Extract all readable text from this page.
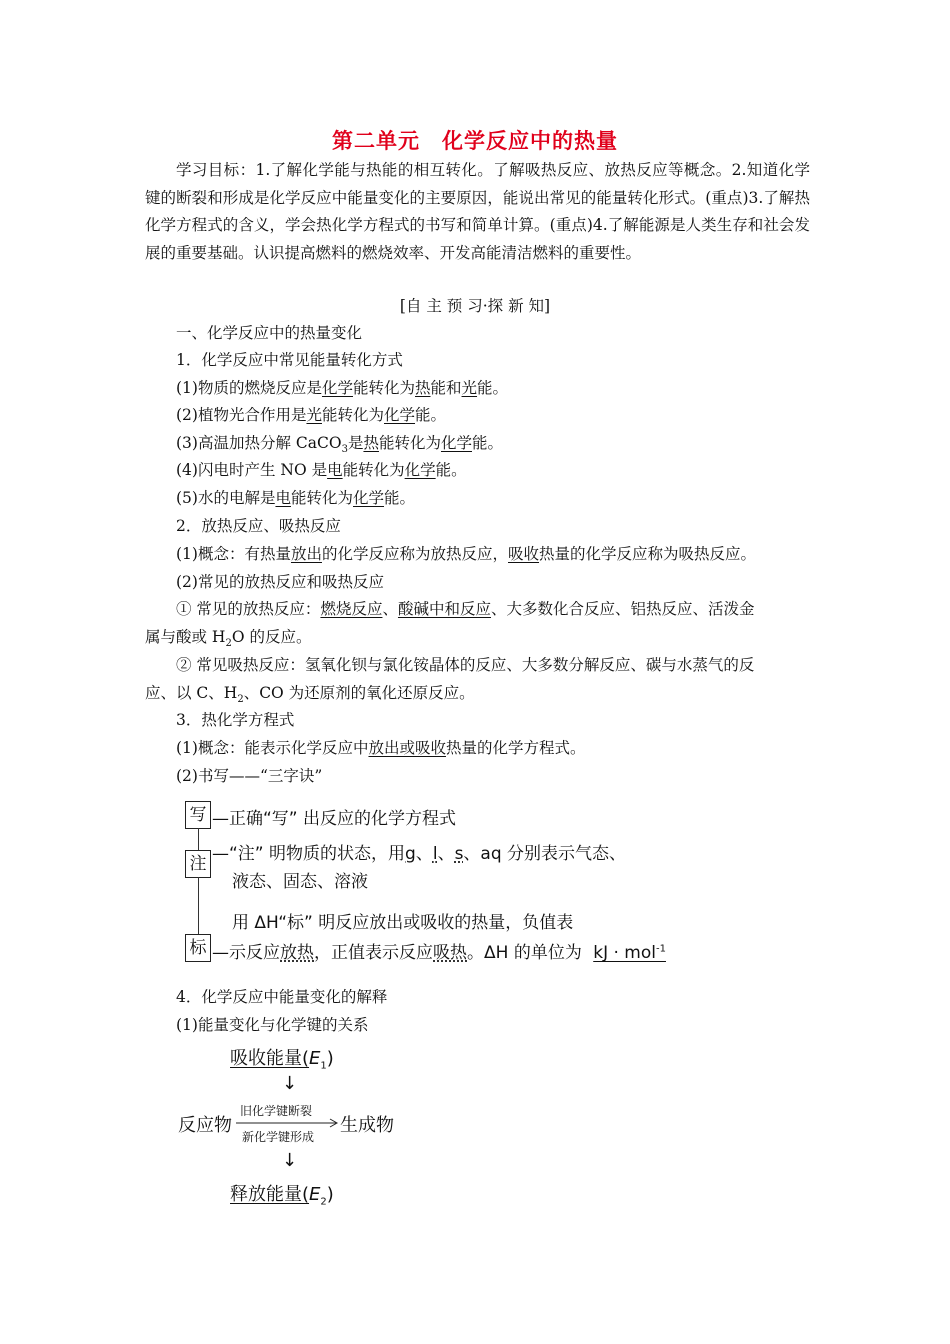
第二单元　化学反应中的热量
学习目标：1.了解化学能与热能的相互转化。了解吸热反应、放热反应等概念。2.知道化学键的断裂和形成是化学反应中能量变化的主要原因，能说出常见的能量转化形式。(重点)3.了解热化学方程式的含义，学会热化学方程式的书写和简单计算。(重点)4.了解能源是人类生存和社会发展的重要基础。认识提高燃料的燃烧效率、开发高能清洁燃料的重要性。
[自 主 预 习·探 新 知]
一、化学反应中的热量变化
1．化学反应中常见能量转化方式
(1)物质的燃烧反应是化学能转化为热能和光能。
(2)植物光合作用是光能转化为化学能。
(3)高温加热分解 CaCO$_3$是热能转化为化学能。
(4)闪电时产生 NO 是电能转化为化学能。
(5)水的电解是电能转化为化学能。
2．放热反应、吸热反应
(1)概念：有热量放出的化学反应称为放热反应，吸收热量的化学反应称为吸热反应。
(2)常见的放热反应和吸热反应
① 常见的放热反应：燃烧反应、酸碱中和反应、大多数化合反应、铝热反应、活泼金
属与酸或 $H_2O$ 的反应。
② 常见吸热反应：氢氧化钡与氯化铵晶体的反应、大多数分解反应、碳与水蒸气的反
应、以 C、$H_2$、CO 为还原剂的氧化还原反应。
3．热化学方程式
(1)概念：能表示化学反应中放出或吸收热量的化学方程式。
(2)书写——“三字诀”
写
注
标
—正确“写” 出反应的化学方程式
—“注” 明物质的状态，用g、l、s、aq 分别表示气态、
液态、固态、溶液
用 ΔH“标” 明反应放出或吸收的热量，负值表
—示反应放热，正值表示反应吸热。ΔH 的单位为 kJ · mol$^{-1}$
4．化学反应中能量变化的解释
(1)能量变化与化学键的关系
吸收能量$(E_1)$
↓
反应物
旧化学键断裂
新化学键形成
生成物
↓
释放能量$(E_2)$
